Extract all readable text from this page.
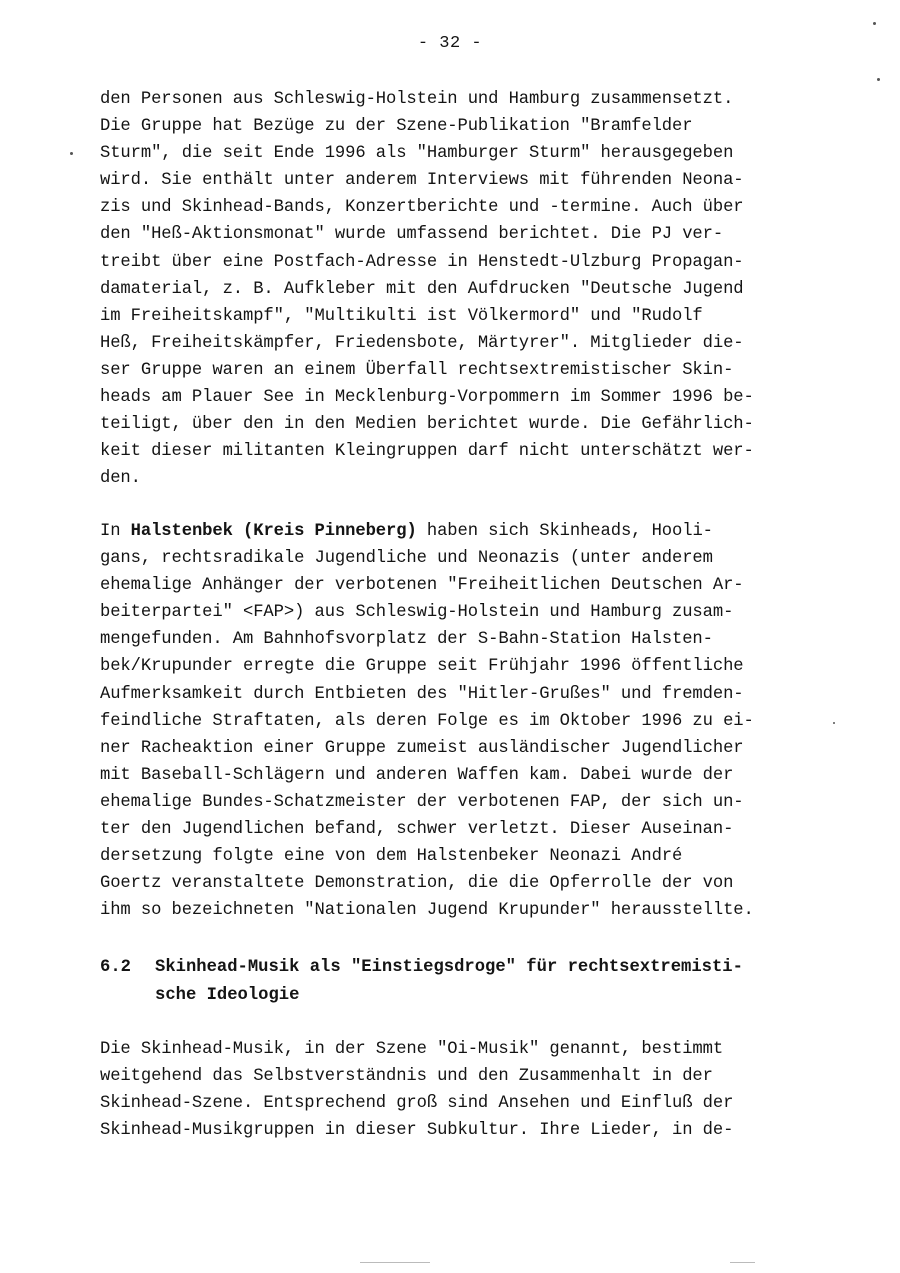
- 32 -
den Personen aus Schleswig-Holstein und Hamburg zusammensetzt.
Die Gruppe hat Bezüge zu der Szene-Publikation "Bramfelder
Sturm", die seit Ende 1996 als "Hamburger Sturm" herausgegeben
wird. Sie enthält unter anderem Interviews mit führenden Neona-
zis und Skinhead-Bands, Konzertberichte und -termine. Auch über
den "Heß-Aktionsmonat" wurde umfassend berichtet. Die PJ ver-
treibt über eine Postfach-Adresse in Henstedt-Ulzburg Propagan-
damaterial, z. B. Aufkleber mit den Aufdrucken "Deutsche Jugend
im Freiheitskampf", "Multikulti ist Völkermord" und "Rudolf
Heß, Freiheitskämpfer, Friedensbote, Märtyrer". Mitglieder die-
ser Gruppe waren an einem Überfall rechtsextremistischer Skin-
heads am Plauer See in Mecklenburg-Vorpommern im Sommer 1996 be-
teiligt, über den in den Medien berichtet wurde. Die Gefährlich-
keit dieser militanten Kleingruppen darf nicht unterschätzt wer-
den.
In Halstenbek (Kreis Pinneberg) haben sich Skinheads, Hooli-
gans, rechtsradikale Jugendliche und Neonazis (unter anderem
ehemalige Anhänger der verbotenen "Freiheitlichen Deutschen Ar-
beiterpartei" <FAP>) aus Schleswig-Holstein und Hamburg zusam-
mengefunden. Am Bahnhofsvorplatz der S-Bahn-Station Halsten-
bek/Krupunder erregte die Gruppe seit Frühjahr 1996 öffentliche
Aufmerksamkeit durch Entbieten des "Hitler-Grußes" und fremden-
feindliche Straftaten, als deren Folge es im Oktober 1996 zu ei-
ner Racheaktion einer Gruppe zumeist ausländischer Jugendlicher
mit Baseball-Schlägern und anderen Waffen kam. Dabei wurde der
ehemalige Bundes-Schatzmeister der verbotenen FAP, der sich un-
ter den Jugendlichen befand, schwer verletzt. Dieser Auseinan-
dersetzung folgte eine von dem Halstenbeker Neonazi André
Goertz veranstaltete Demonstration, die die Opferrolle der von
ihm so bezeichneten "Nationalen Jugend Krupunder" herausstellte.
6.2 Skinhead-Musik als "Einstiegsdroge" für rechtsextremisti-
sche Ideologie
Die Skinhead-Musik, in der Szene "Oi-Musik" genannt, bestimmt
weitgehend das Selbstverständnis und den Zusammenhalt in der
Skinhead-Szene. Entsprechend groß sind Ansehen und Einfluß der
Skinhead-Musikgruppen in dieser Subkultur. Ihre Lieder, in de-
